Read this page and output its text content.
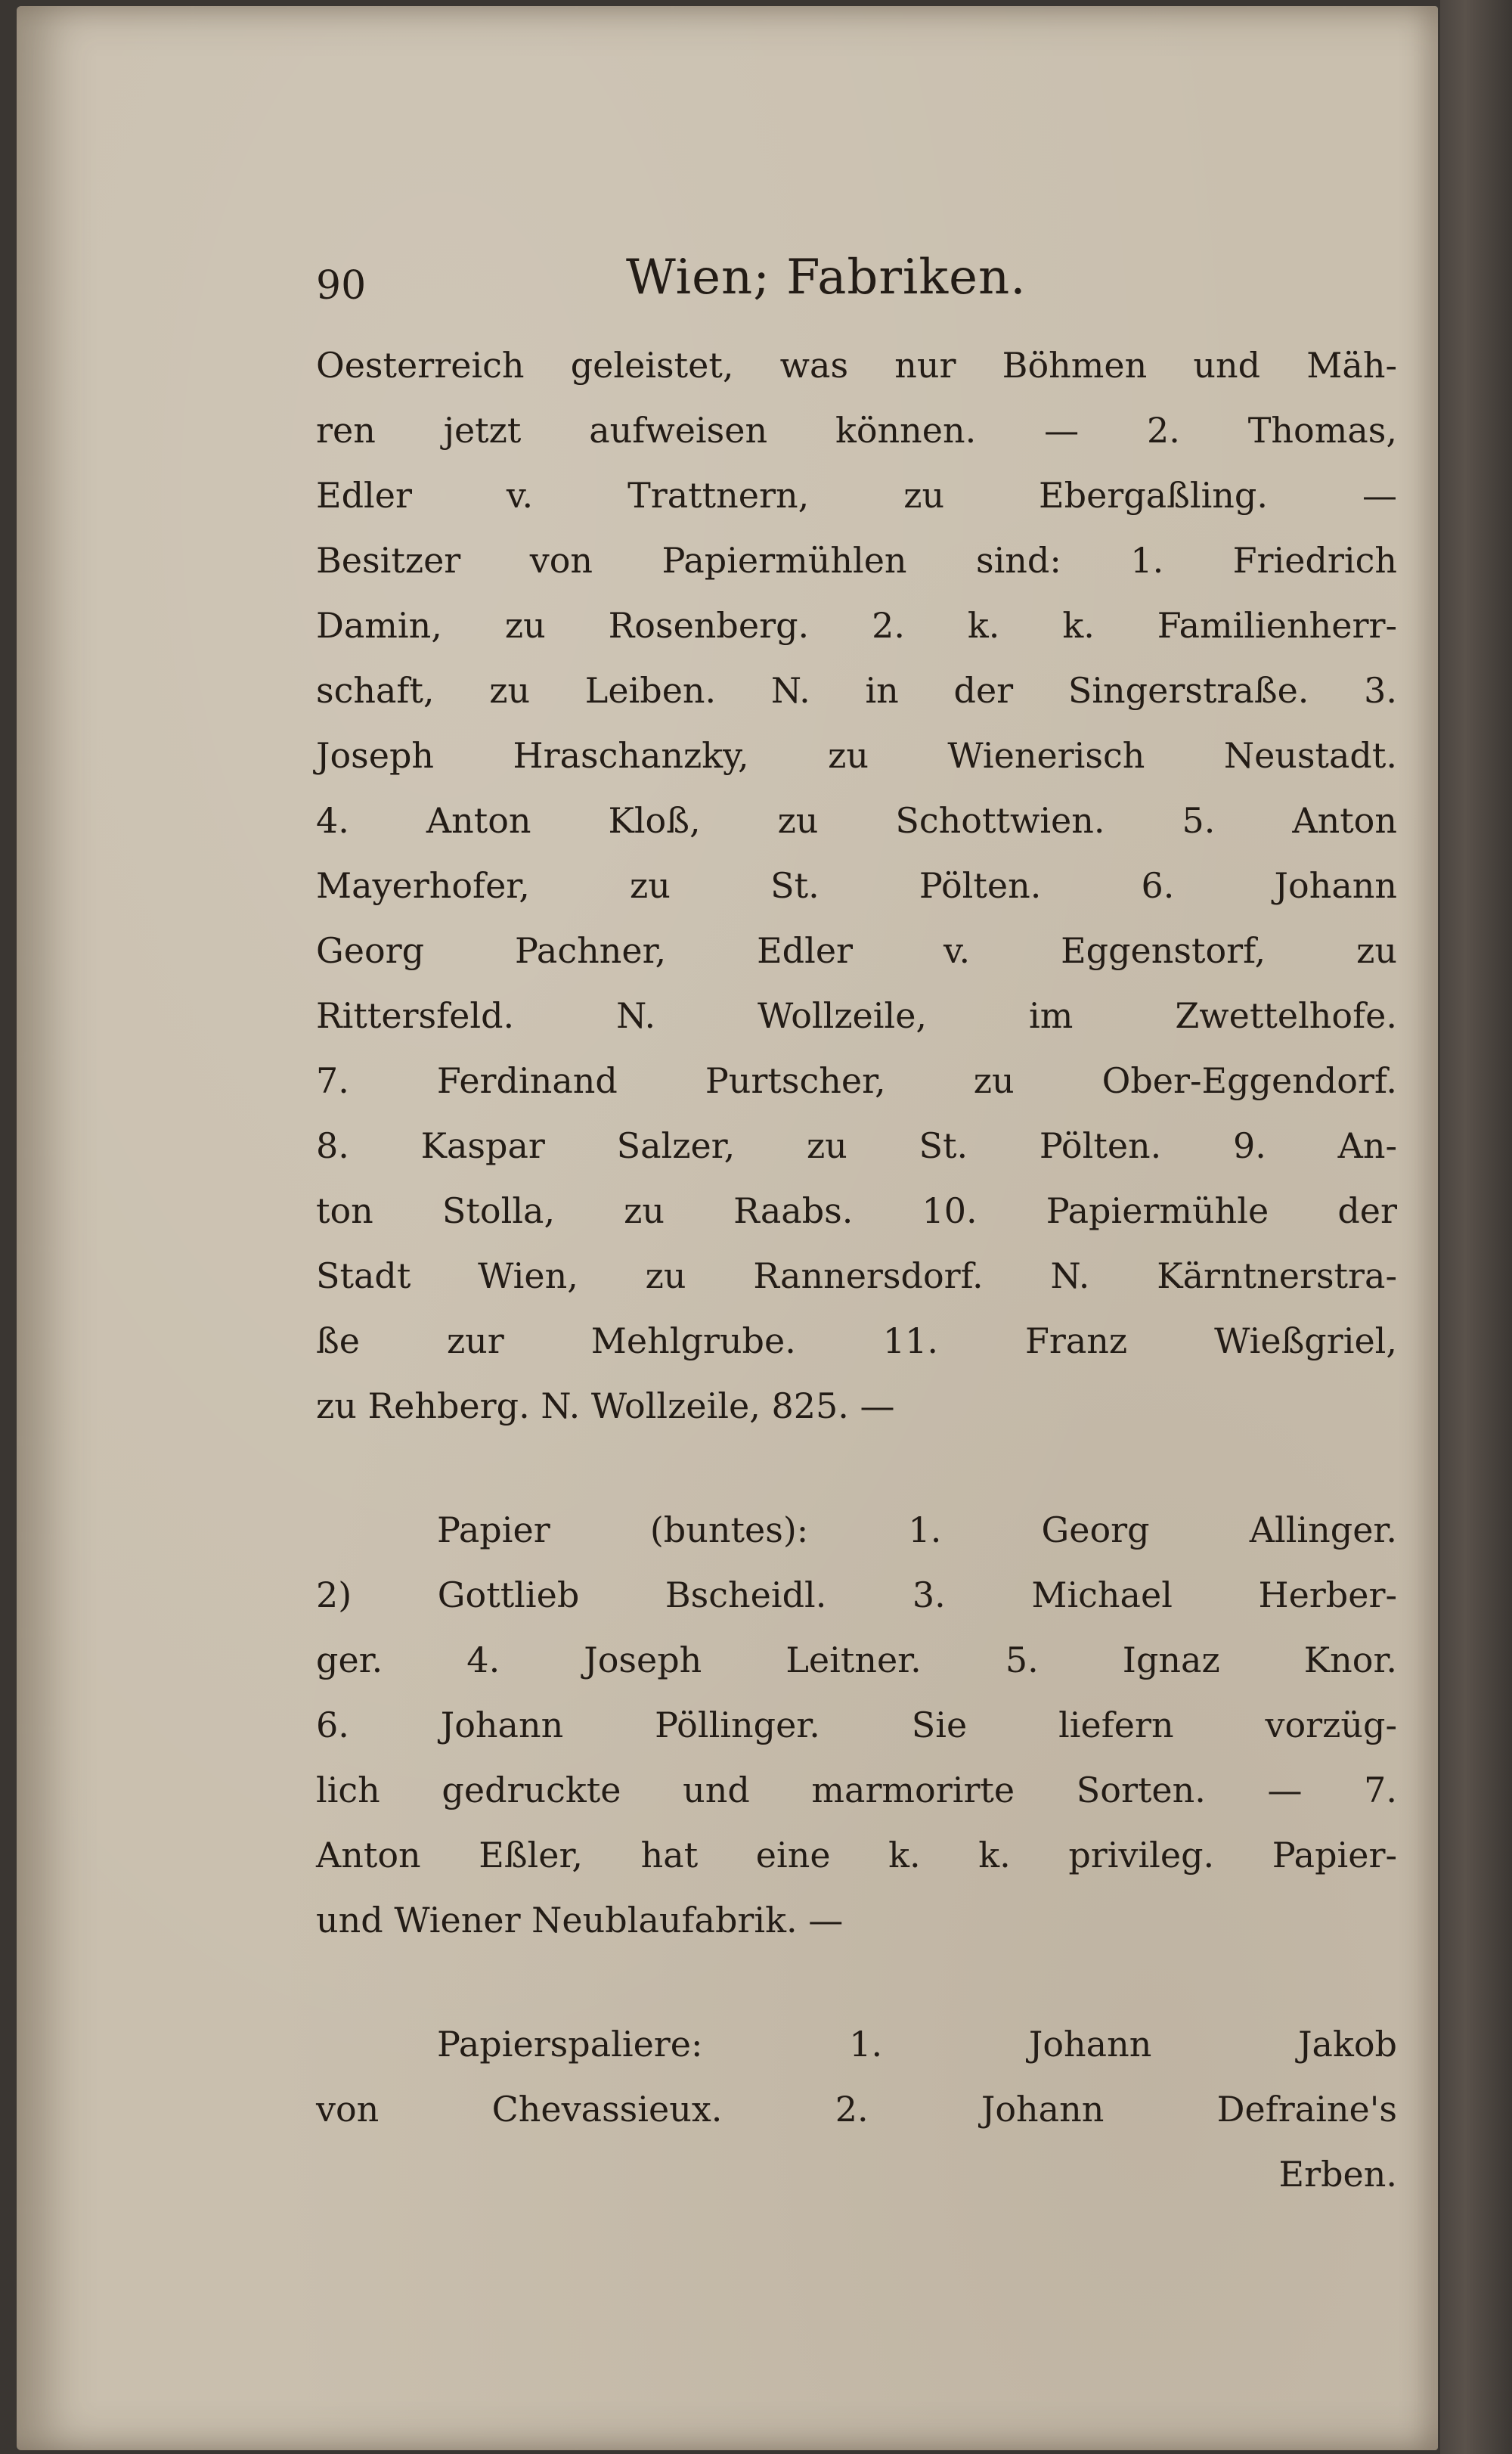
90	Wien; Fabriken.
Oesterreich geleistet, was nur Böhmen und Mäh-
ren jetzt aufweisen können. — 2. Thomas,
Edler v. Trattnern, zu Ebergaßling. —
Besitzer von Papiermühlen sind: 1. Friedrich
Damin, zu Rosenberg. 2. k. k. Familienherr-
schaft, zu Leiben. N. in der Singerstraße. 3.
Joseph Hraschanzky, zu Wienerisch Neustadt.
4. Anton Kloß, zu Schottwien. 5. Anton
Mayerhofer, zu St. Pölten. 6. Johann
Georg Pachner, Edler v. Eggenstorf, zu
Rittersfeld. N. Wollzeile, im Zwettelhofe.
7. Ferdinand Purtscher, zu Ober-Eggendorf.
8. Kaspar Salzer, zu St. Pölten. 9. An-
ton Stolla, zu Raabs. 10. Papiermühle der
Stadt Wien, zu Rannersdorf. N. Kärntnerstra-
ße zur Mehlgrube. 11. Franz Wießgriel,
zu Rehberg. N. Wollzeile, 825. —
Papier (buntes): 1. Georg Allinger.
2) Gottlieb Bscheidl. 3. Michael Herber-
ger. 4. Joseph Leitner. 5. Ignaz Knor.
6. Johann Pöllinger. Sie liefern vorzüg-
lich gedruckte und marmorirte Sorten. — 7.
Anton Eßler, hat eine k. k. privileg. Papier-
und Wiener Neublaufabrik. —
Papierspaliere: 1. Johann Jakob
von Chevassieux. 2. Johann Defraine's
Erben.
